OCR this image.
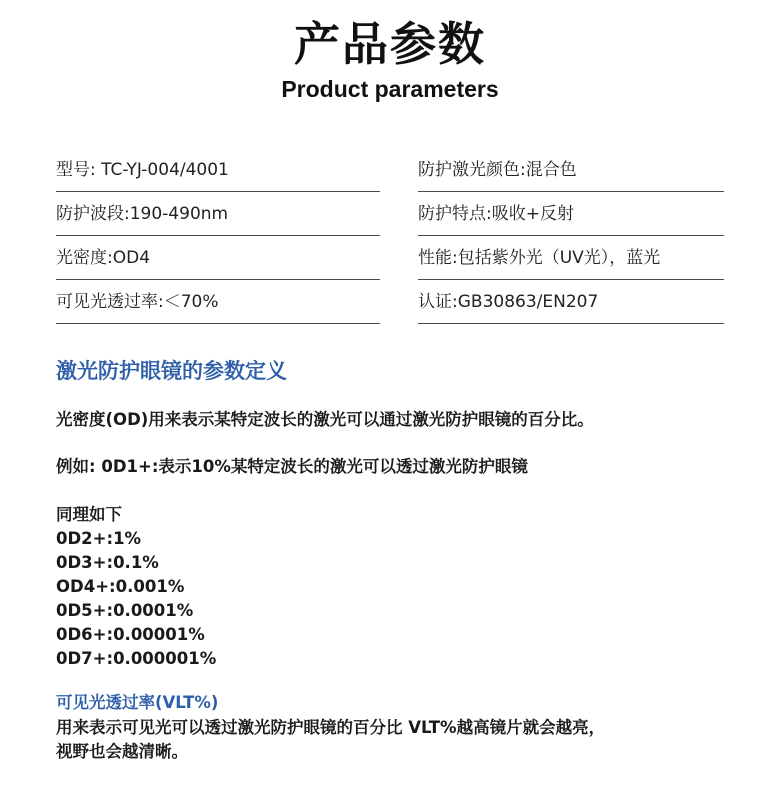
产品参数
Product parameters
型号: TC-YJ-004/4001
防护波段:190-490nm
光密度:OD4
可见光透过率:＜70%
防护激光颜色:混合色
防护特点:吸收+反射
性能:包括紫外光（UV光），蓝光
认证:GB30863/EN207
激光防护眼镜的参数定义
光密度(OD)用来表示某特定波长的激光可以通过激光防护眼镜的百分比。
例如: 0D1+:表示10%某特定波长的激光可以透过激光防护眼镜
同理如下
0D2+:1%
0D3+:0.1%
OD4+:0.001%
0D5+:0.0001%
0D6+:0.00001%
0D7+:0.000001%
可见光透过率(VLT%)
用来表示可见光可以透过激光防护眼镜的百分比 VLT%越高镜片就会越亮，
视野也会越清晰。
